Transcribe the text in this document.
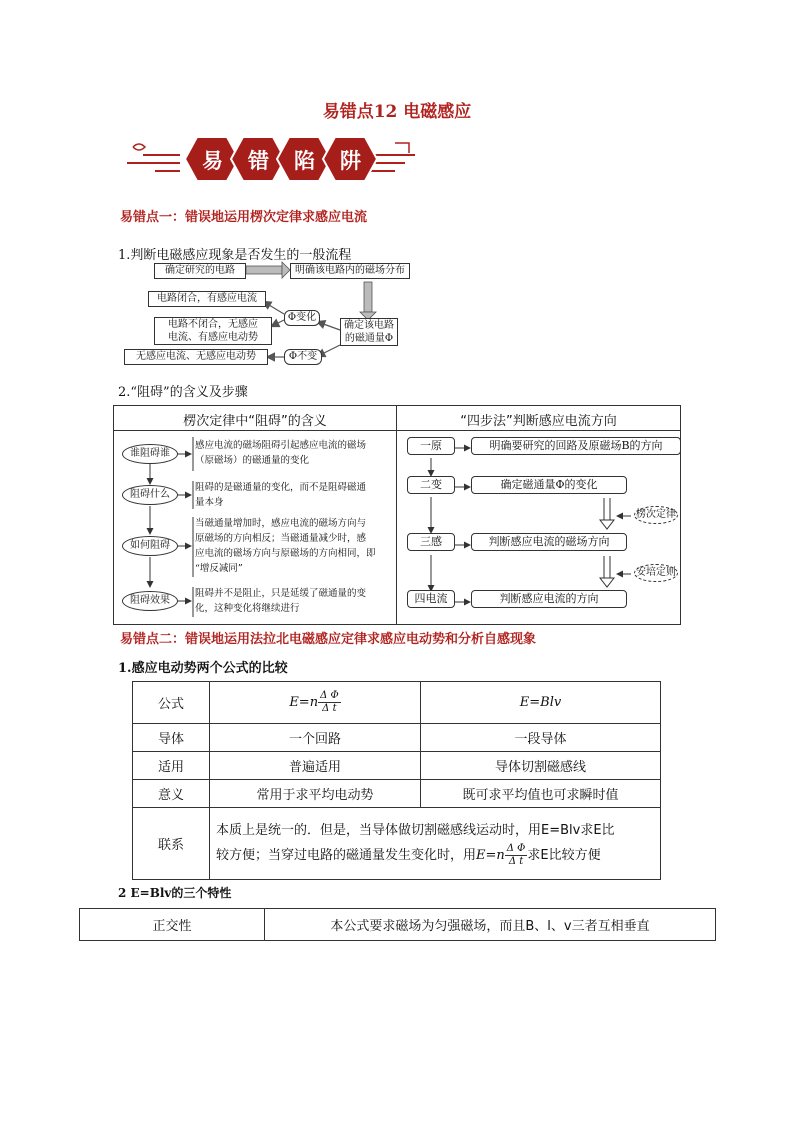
易错点12 电磁感应
易 错 陷 阱
易错点一：错误地运用楞次定律求感应电流
1.判断电磁感应现象是否发生的一般流程
确定研究的电路	明确该电路内的磁场分布
确定该电路
的磁通量Φ
Φ变化
Φ不变
电路闭合，有感应电流
电路不闭合，无感应
电流、有感应电动势
无感应电流、无感应电动势
2.“阻碍”的含义及步骤
楞次定律中“阻碍”的含义	“四步法”判断感应电流方向
谁阻碍谁
阻碍什么
如何阻碍
阻碍效果
感应电流的磁场阻碍引起感应电流的磁场
（原磁场）的磁通量的变化
阻碍的是磁通量的变化，而不是阻碍磁通
量本身
当磁通量增加时，感应电流的磁场方向与
原磁场的方向相反；当磁通量减少时，感
应电流的磁场方向与原磁场的方向相同，即
“增反减同”
阻碍并不是阻止，只是延缓了磁通量的变
化，这种变化将继续进行
一原
二变
三感
四电流
明确要研究的回路及原磁场B的方向
确定磁通量Φ的变化
判断感应电流的磁场方向
判断感应电流的方向
楞次定律
安培定则
易错点二：错误地运用法拉北电磁感应定律求感应电动势和分析自感现象
1.感应电动势两个公式的比较
公式	$E=n \frac{\text{Δ Φ}}{\text{Δ t}}$	E=Blv
导体	一个回路	一段导体
适用	普遍适用	导体切割磁感线
意义	常用于求平均电动势	既可求平均值也可求瞬时值
联系	本质上是统一的．但是，当导体做切割磁感线运动时，用E=Blv求E比
较方便；当穿过电路的磁通量发生变化时，用$E=n \frac{\text{Δ Φ}}{\text{Δ t}}$ 求E比较方便	
2 E=Blv的三个特性
正交性	本公式要求磁场为匀强磁场，而且B、l、v三者互相垂直
